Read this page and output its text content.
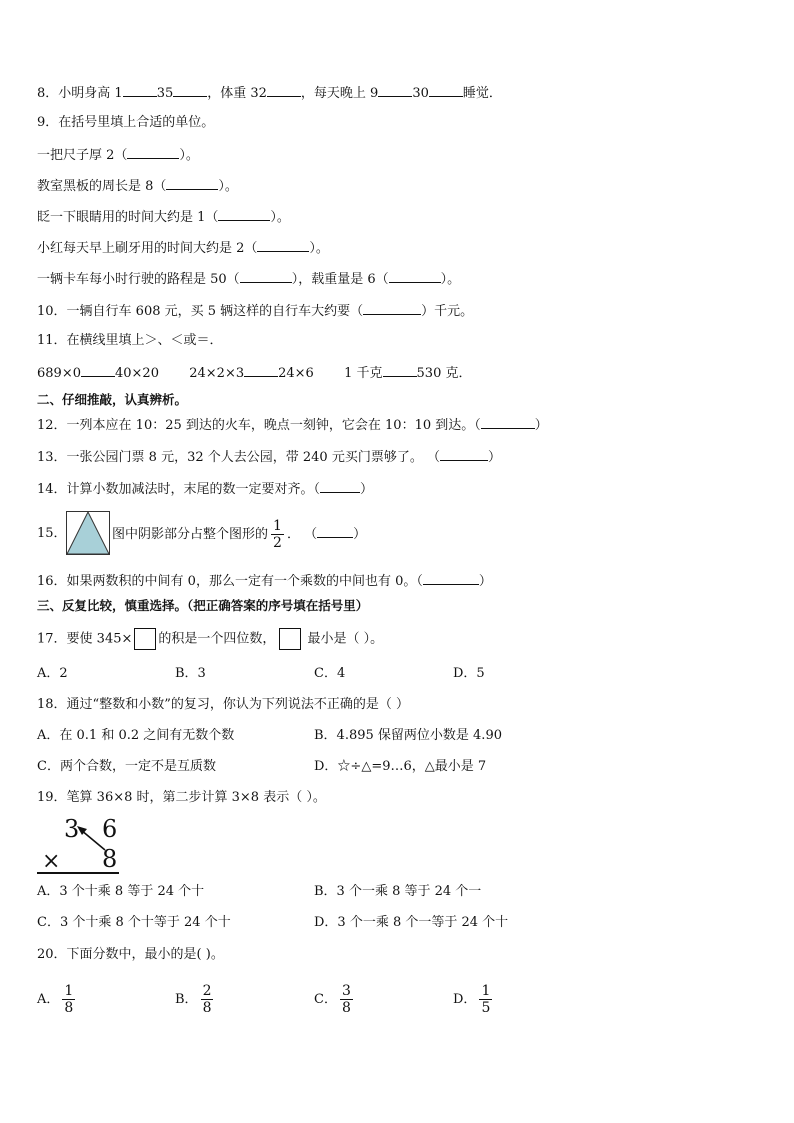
8．小明身高 1	35	，体重 32	，每天晚上 9	30	睡觉．
9．在括号里填上合适的单位。
一把尺子厚 2（	）。
教室黑板的周长是 8（	）。
眨一下眼睛用的时间大约是 1（	）。
小红每天早上刷牙用的时间大约是 2（	）。
一辆卡车每小时行驶的路程是 50（	），载重量是 6（	）。
10．一辆自行车 608 元，买 5 辆这样的自行车大约要（	）千元。
11．在横线里填上＞、＜或＝．
689×0	40×20 24×2×3	24×6 1 千克	530 克．
二、仔细推敲，认真辨析。
12．一列本应在 10：25 到达的火车，晚点一刻钟，它会在 10：10 到达。（	）
13．一张公园门票 8 元，32 个人去公园，带 240 元买门票够了。 （	）
14．计算小数加减法时，末尾的数一定要对齐。（	）
15．	图中阴影部分占整个图形的 $\frac{1}{2}$ ． （	）
16．如果两数积的中间有 0，那么一定有一个乘数的中间也有 0。（	）
三、反复比较，慎重选择。（把正确答案的序号填在括号里）
17．要使 345× 的积是一个四位数， 最小是（ ）。
A．2	B．3	C．4	D．5
18．通过“整数和小数”的复习，你认为下列说法不正确的是（ ）
A．在 0.1 和 0.2 之间有无数个数	B．4.895 保留两位小数是 4.90
C．两个合数，一定不是互质数	D．☆÷△=9…6，△最小是 7
19．笔算 36×8 时，第二步计算 3×8 表示（ ）。
3 6
× 8
A．3 个十乘 8 等于 24 个十	B．3 个一乘 8 等于 24 个一
C．3 个十乘 8 个十等于 24 个十	D．3 个一乘 8 个一等于 24 个十
20．下面分数中，最小的是( )。
A． $\frac{1}{8}$	B． $\frac{2}{8}$	C． $\frac{3}{8}$	D． $\frac{1}{5}$
